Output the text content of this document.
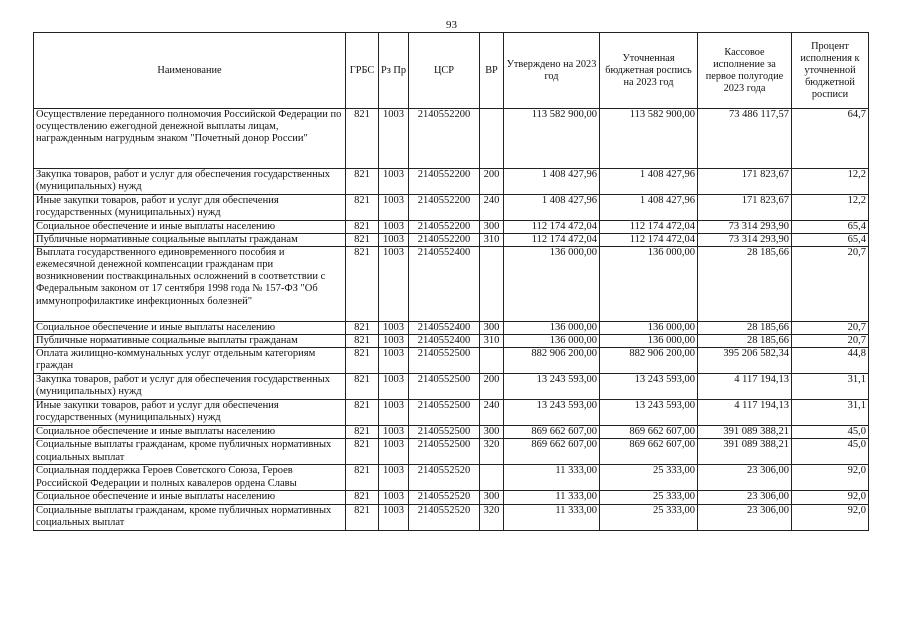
93
Наименование	ГРБС	Рз Пр	ЦСР	ВР	Утверждено на 2023 год	Уточненная бюджетная роспись на 2023 год	Кассовое исполнение за первое полугодие 2023 года	Процент исполнения к уточненной бюджетной росписи
Осуществление переданного полномочия Российской Федерации по осуществлению ежегодной денежной выплаты лицам, награжденным нагрудным знаком "Почетный донор России"	821	1003	2140552200		113 582 900,00	113 582 900,00	73 486 117,57	64,7
Закупка товаров, работ и услуг для обеспечения государственных (муниципальных) нужд	821	1003	2140552200	200	1 408 427,96	1 408 427,96	171 823,67	12,2
Иные закупки товаров, работ и услуг для обеспечения государственных (муниципальных) нужд	821	1003	2140552200	240	1 408 427,96	1 408 427,96	171 823,67	12,2
Социальное обеспечение и иные выплаты населению	821	1003	2140552200	300	112 174 472,04	112 174 472,04	73 314 293,90	65,4
Публичные нормативные социальные выплаты гражданам	821	1003	2140552200	310	112 174 472,04	112 174 472,04	73 314 293,90	65,4
Выплата государственного единовременного пособия и ежемесячной денежной компенсации гражданам при возникновении поствакцинальных осложнений в соответствии с Федеральным законом от 17 сентября 1998 года № 157-ФЗ "Об иммунопрофилактике инфекционных болезней"	821	1003	2140552400		136 000,00	136 000,00	28 185,66	20,7
Социальное обеспечение и иные выплаты населению	821	1003	2140552400	300	136 000,00	136 000,00	28 185,66	20,7
Публичные нормативные социальные выплаты гражданам	821	1003	2140552400	310	136 000,00	136 000,00	28 185,66	20,7
Оплата жилищно-коммунальных услуг отдельным категориям граждан	821	1003	2140552500		882 906 200,00	882 906 200,00	395 206 582,34	44,8
Закупка товаров, работ и услуг для обеспечения государственных (муниципальных) нужд	821	1003	2140552500	200	13 243 593,00	13 243 593,00	4 117 194,13	31,1
Иные закупки товаров, работ и услуг для обеспечения государственных (муниципальных) нужд	821	1003	2140552500	240	13 243 593,00	13 243 593,00	4 117 194,13	31,1
Социальное обеспечение и иные выплаты населению	821	1003	2140552500	300	869 662 607,00	869 662 607,00	391 089 388,21	45,0
Социальные выплаты гражданам, кроме публичных нормативных социальных выплат	821	1003	2140552500	320	869 662 607,00	869 662 607,00	391 089 388,21	45,0
Социальная поддержка Героев Советского Союза, Героев Российской Федерации и полных кавалеров ордена Славы	821	1003	2140552520		11 333,00	25 333,00	23 306,00	92,0
Социальное обеспечение и иные выплаты населению	821	1003	2140552520	300	11 333,00	25 333,00	23 306,00	92,0
Социальные выплаты гражданам, кроме публичных нормативных социальных выплат	821	1003	2140552520	320	11 333,00	25 333,00	23 306,00	92,0
